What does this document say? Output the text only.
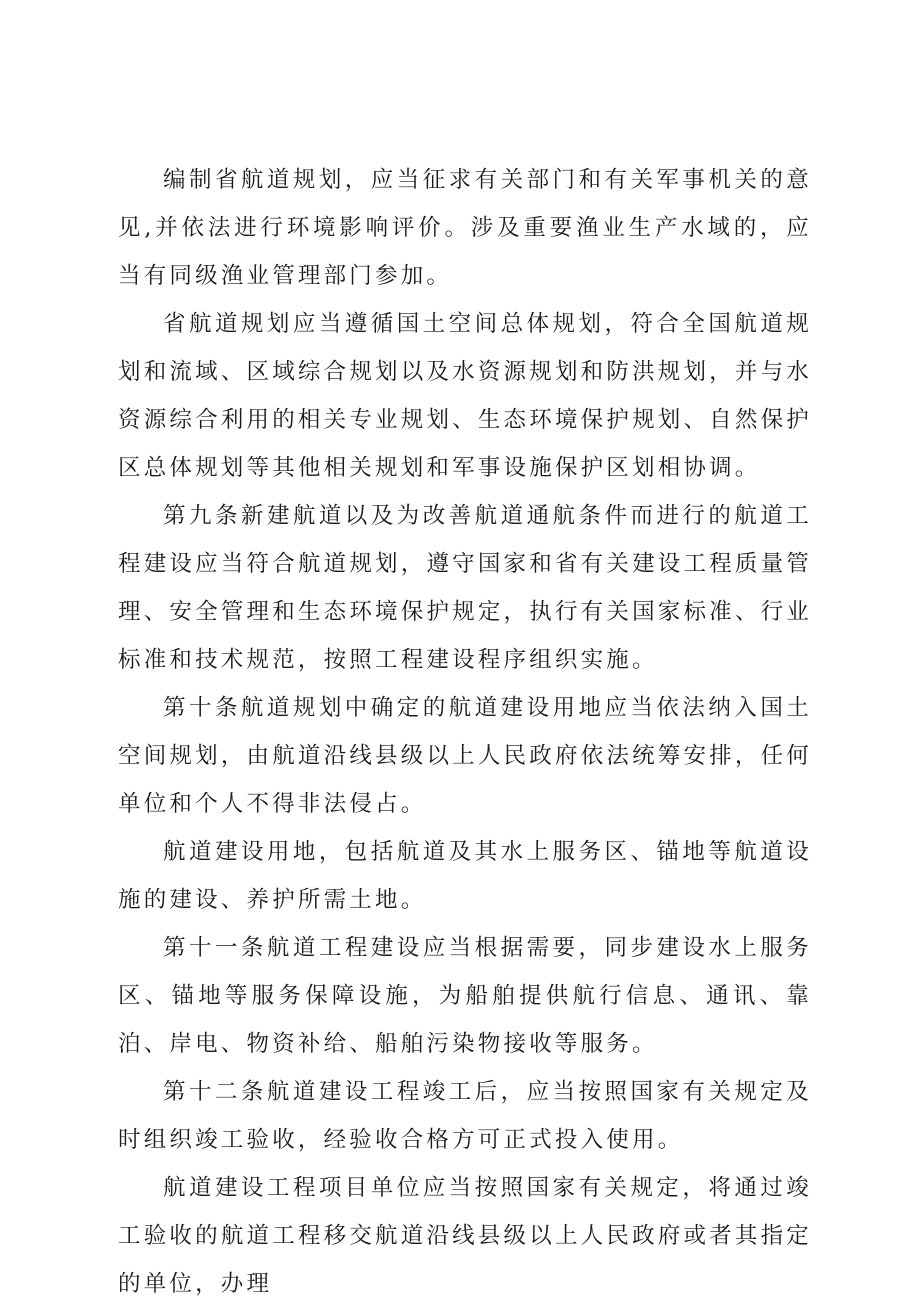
编制省航道规划，应当征求有关部门和有关军事机关的意见,并依法进行环境影响评价。涉及重要渔业生产水域的，应当有同级渔业管理部门参加。

省航道规划应当遵循国土空间总体规划，符合全国航道规划和流域、区域综合规划以及水资源规划和防洪规划，并与水资源综合利用的相关专业规划、生态环境保护规划、自然保护区总体规划等其他相关规划和军事设施保护区划相协调。

第九条新建航道以及为改善航道通航条件而进行的航道工程建设应当符合航道规划，遵守国家和省有关建设工程质量管理、安全管理和生态环境保护规定，执行有关国家标准、行业标准和技术规范，按照工程建设程序组织实施。

第十条航道规划中确定的航道建设用地应当依法纳入国土空间规划，由航道沿线县级以上人民政府依法统筹安排，任何单位和个人不得非法侵占。

航道建设用地，包括航道及其水上服务区、锚地等航道设施的建设、养护所需土地。

第十一条航道工程建设应当根据需要，同步建设水上服务区、锚地等服务保障设施，为船舶提供航行信息、通讯、靠泊、岸电、物资补给、船舶污染物接收等服务。

第十二条航道建设工程竣工后，应当按照国家有关规定及时组织竣工验收，经验收合格方可正式投入使用。

航道建设工程项目单位应当按照国家有关规定，将通过竣工验收的航道工程移交航道沿线县级以上人民政府或者其指定的单位，办理
